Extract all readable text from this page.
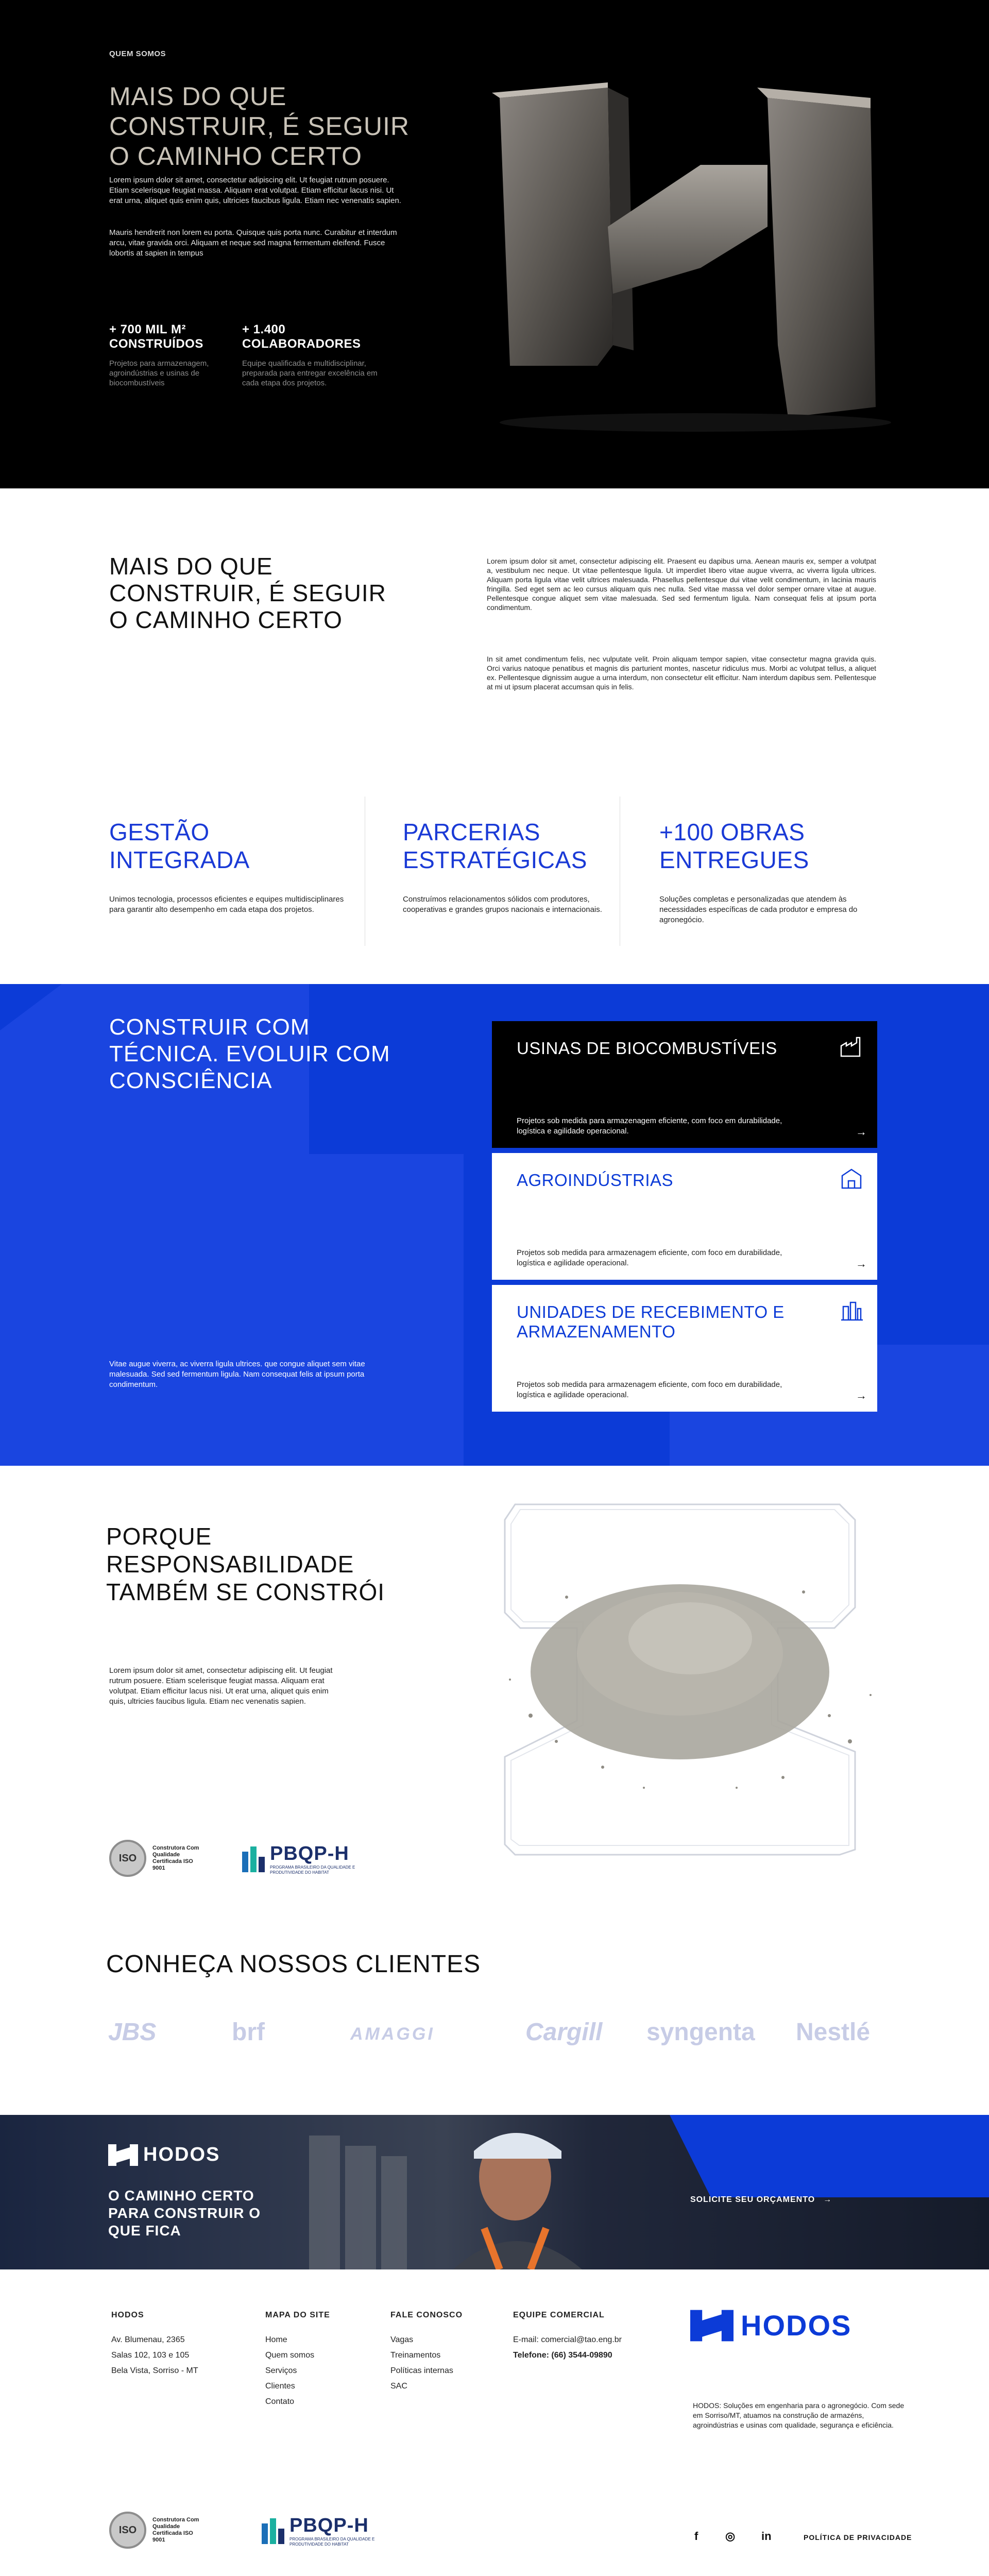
QUEM SOMOS
MAIS DO QUE CONSTRUIR, É SEGUIR O CAMINHO CERTO

Lorem ipsum dolor sit amet, consectetur adipiscing elit. Ut feugiat rutrum posuere. Etiam scelerisque feugiat massa. Aliquam erat volutpat. Etiam efficitur lacus nisi. Ut erat urna, aliquet quis enim quis, ultricies faucibus ligula. Etiam nec venenatis sapien.

Mauris hendrerit non lorem eu porta. Quisque quis porta nunc. Curabitur et interdum arcu, vitae gravida orci. Aliquam et neque sed magna fermentum eleifend. Fusce lobortis at sapien in tempus

+ 700 MIL M² CONSTRUÍDOS
Projetos para armazenagem, agroindústrias e usinas de biocombustíveis
+ 1.400 COLABORADORES
Equipe qualificada e multidisciplinar, preparada para entregar excelência em cada etapa dos projetos.
MAIS DO QUE CONSTRUIR, É SEGUIR O CAMINHO CERTO

Lorem ipsum dolor sit amet, consectetur adipiscing elit. Praesent eu dapibus urna. Aenean mauris ex, semper a volutpat a, vestibulum nec neque. Ut vitae pellentesque ligula. Ut imperdiet libero vitae augue viverra, ac viverra ligula ultrices. Aliquam porta ligula vitae velit ultrices malesuada. Phasellus pellentesque dui vitae velit condimentum, in lacinia mauris fringilla. Sed eget sem ac leo cursus aliquam quis nec nulla. Sed vitae massa vel dolor semper ornare vitae at augue. Pellentesque congue aliquet sem vitae malesuada. Sed sed fermentum ligula. Nam consequat felis at ipsum porta condimentum.

In sit amet condimentum felis, nec vulputate velit. Proin aliquam tempor sapien, vitae consectetur magna gravida quis. Orci varius natoque penatibus et magnis dis parturient montes, nascetur ridiculus mus. Morbi ac volutpat tellus, a aliquet ex. Pellentesque dignissim augue a urna interdum, non consectetur elit efficitur. Nam interdum dapibus sem. Pellentesque at mi ut ipsum placerat accumsan quis in felis.

GESTÃO INTEGRADA
Unimos tecnologia, processos eficientes e equipes multidisciplinares para garantir alto desempenho em cada etapa dos projetos.
PARCERIAS ESTRATÉGICAS
Construímos relacionamentos sólidos com produtores, cooperativas e grandes grupos nacionais e internacionais.
+100 OBRAS ENTREGUES
Soluções completas e personalizadas que atendem às necessidades específicas de cada produtor e empresa do agronegócio.
CONSTRUIR COM TÉCNICA. EVOLUIR COM CONSCIÊNCIA

Vitae augue viverra, ac viverra ligula ultrices. que congue aliquet sem vitae malesuada. Sed sed fermentum ligula. Nam consequat felis at ipsum porta condimentum.

USINAS DE BIOCOMBUSTÍVEIS

Projetos sob medida para armazenagem eficiente, com foco em durabilidade, logística e agilidade operacional.	→
AGROINDÚSTRIAS

Projetos sob medida para armazenagem eficiente, com foco em durabilidade, logística e agilidade operacional.	→
UNIDADES DE RECEBIMENTO E ARMAZENAMENTO

Projetos sob medida para armazenagem eficiente, com foco em durabilidade, logística e agilidade operacional.	→
PORQUE RESPONSABILIDADE TAMBÉM SE CONSTRÓI

Lorem ipsum dolor sit amet, consectetur adipiscing elit. Ut feugiat rutrum posuere. Etiam scelerisque feugiat massa. Aliquam erat volutpat. Etiam efficitur lacus nisi. Ut erat urna, aliquet quis enim quis, ultricies faucibus ligula. Etiam nec venenatis sapien.

ISO
Construtora Com Qualidade Certificada ISO 9001
PBQP-H
PROGRAMA BRASILEIRO DA QUALIDADE E PRODUTIVIDADE DO HABITAT
CONHEÇA NOSSOS CLIENTES
JBS	brf	AMAGGI	Cargill syngenta Nestlé
HODOS
O CAMINHO CERTO PARA CONSTRUIR O QUE FICA
SOLICITE SEU ORÇAMENTO →
HODOS
Av. Blumenau, 2365
Salas 102, 103 e 105
Bela Vista, Sorriso - MT
MAPA DO SITE
Home
Quem somos
Serviços
Clientes
Contato
FALE CONOSCO
Vagas
Treinamentos
Políticas internas
SAC
EQUIPE COMERCIAL
E-mail: comercial@tao.eng.br
Telefone: (66) 3544-09890
HODOS

HODOS: Soluções em engenharia para o agronegócio. Com sede em Sorriso/MT, atuamos na construção de armazéns, agroindústrias e usinas com qualidade, segurança e eficiência.

ISO
Construtora Com Qualidade Certificada ISO 9001
PBQP-H
PROGRAMA BRASILEIRO DA QUALIDADE E PRODUTIVIDADE DO HABITAT
f ◎ in	POLÍTICA DE PRIVACIDADE
